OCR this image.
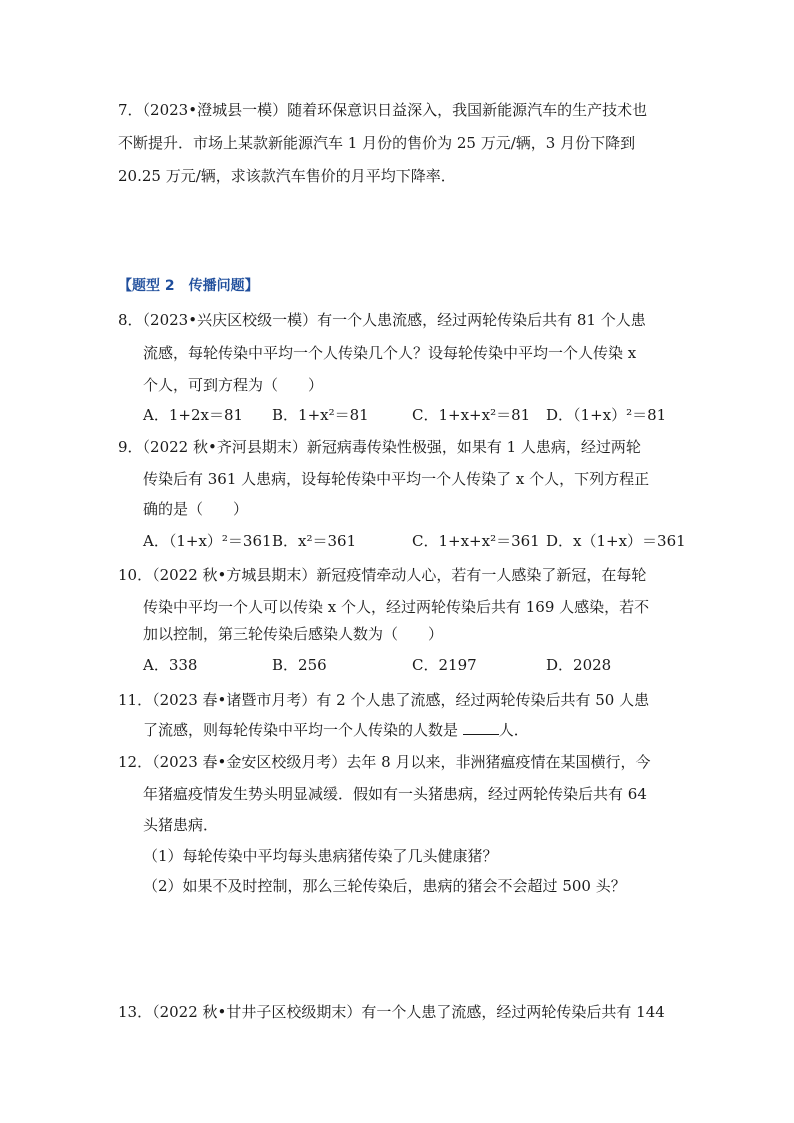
7．（2023•澄城县一模）随着环保意识日益深入，我国新能源汽车的生产技术也
不断提升．市场上某款新能源汽车 1 月份的售价为 25 万元/辆，3 月份下降到
20.25 万元/辆，求该款汽车售价的月平均下降率．
【题型 2　传播问题】
8．（2023•兴庆区校级一模）有一个人患流感，经过两轮传染后共有 81 个人患
流感，每轮传染中平均一个人传染几个人？设每轮传染中平均一个人传染 x
个人，可到方程为（　　）
A．1+2x＝81 B．1+x²＝81	C．1+x+x²＝81 D．（1+x）²＝81
9．（2022 秋•齐河县期末）新冠病毒传染性极强，如果有 1 人患病，经过两轮
传染后有 361 人患病，设每轮传染中平均一个人传染了 x 个人，下列方程正
确的是（　　）
A．（1+x）²＝361 B．x²＝361	C．1+x+x²＝361 D．x（1+x）＝361
10．（2022 秋•方城县期末）新冠疫情牵动人心，若有一人感染了新冠，在每轮
传染中平均一个人可以传染 x 个人，经过两轮传染后共有 169 人感染，若不
加以控制，第三轮传染后感染人数为（　　）
A．338	B．256	C．2197	D．2028
11．（2023 春•诸暨市月考）有 2 个人患了流感，经过两轮传染后共有 50 人患
了流感，则每轮传染中平均一个人传染的人数是 人．
12．（2023 春•金安区校级月考）去年 8 月以来，非洲猪瘟疫情在某国横行，今
年猪瘟疫情发生势头明显减缓．假如有一头猪患病，经过两轮传染后共有 64
头猪患病．
（1）每轮传染中平均每头患病猪传染了几头健康猪？
（2）如果不及时控制，那么三轮传染后，患病的猪会不会超过 500 头？
13．（2022 秋•甘井子区校级期末）有一个人患了流感，经过两轮传染后共有 144
